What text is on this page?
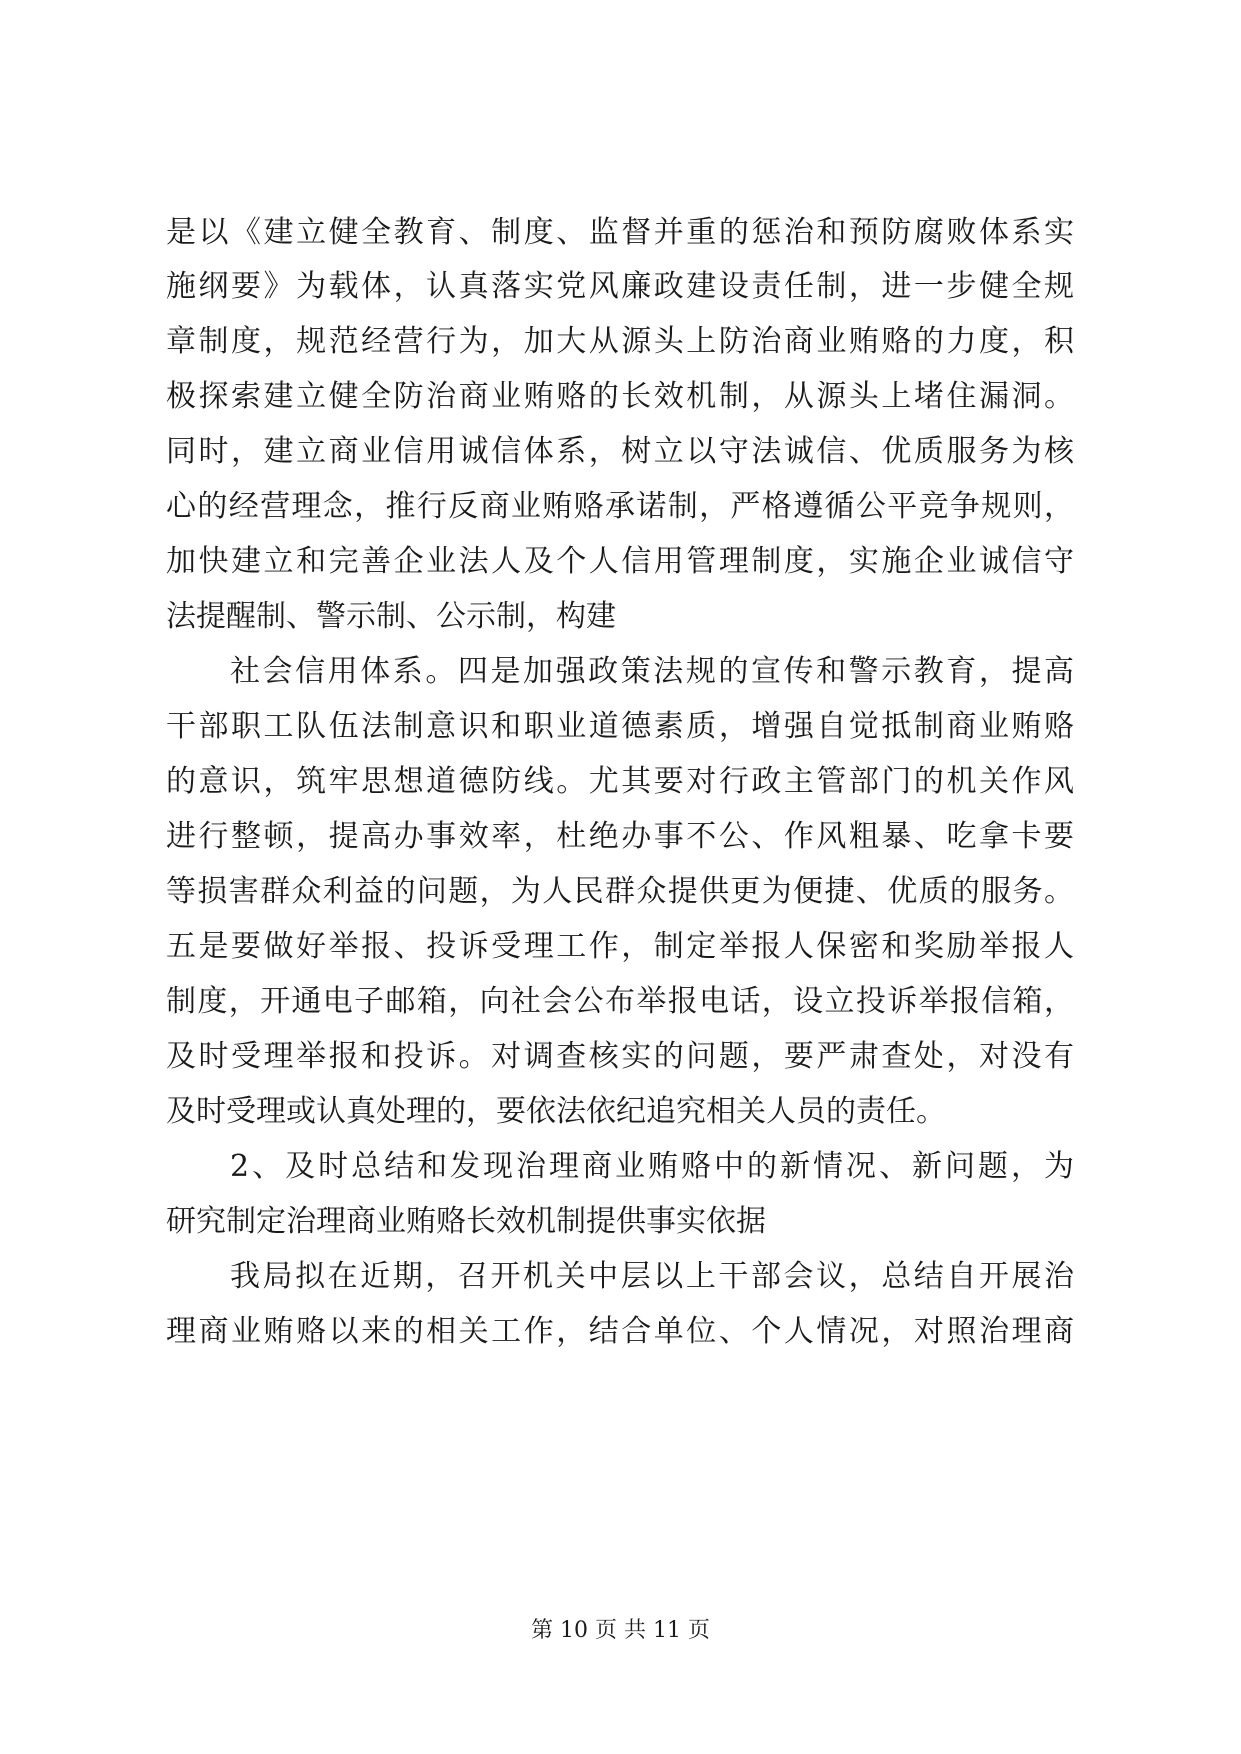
是以《建立健全教育、制度、监督并重的惩治和预防腐败体系实
施纲要》为载体，认真落实党风廉政建设责任制，进一步健全规
章制度，规范经营行为，加大从源头上防治商业贿赂的力度，积
极探索建立健全防治商业贿赂的长效机制，从源头上堵住漏洞。
同时，建立商业信用诚信体系，树立以守法诚信、优质服务为核
心的经营理念，推行反商业贿赂承诺制，严格遵循公平竞争规则，
加快建立和完善企业法人及个人信用管理制度，实施企业诚信守
法提醒制、警示制、公示制，构建
社会信用体系。四是加强政策法规的宣传和警示教育，提高
干部职工队伍法制意识和职业道德素质，增强自觉抵制商业贿赂
的意识，筑牢思想道德防线。尤其要对行政主管部门的机关作风
进行整顿，提高办事效率，杜绝办事不公、作风粗暴、吃拿卡要
等损害群众利益的问题，为人民群众提供更为便捷、优质的服务。
五是要做好举报、投诉受理工作，制定举报人保密和奖励举报人
制度，开通电子邮箱，向社会公布举报电话，设立投诉举报信箱，
及时受理举报和投诉。对调查核实的问题，要严肃查处，对没有
及时受理或认真处理的，要依法依纪追究相关人员的责任。
2、及时总结和发现治理商业贿赂中的新情况、新问题，为
研究制定治理商业贿赂长效机制提供事实依据
我局拟在近期，召开机关中层以上干部会议，总结自开展治
理商业贿赂以来的相关工作，结合单位、个人情况，对照治理商
第 10 页 共 11 页
